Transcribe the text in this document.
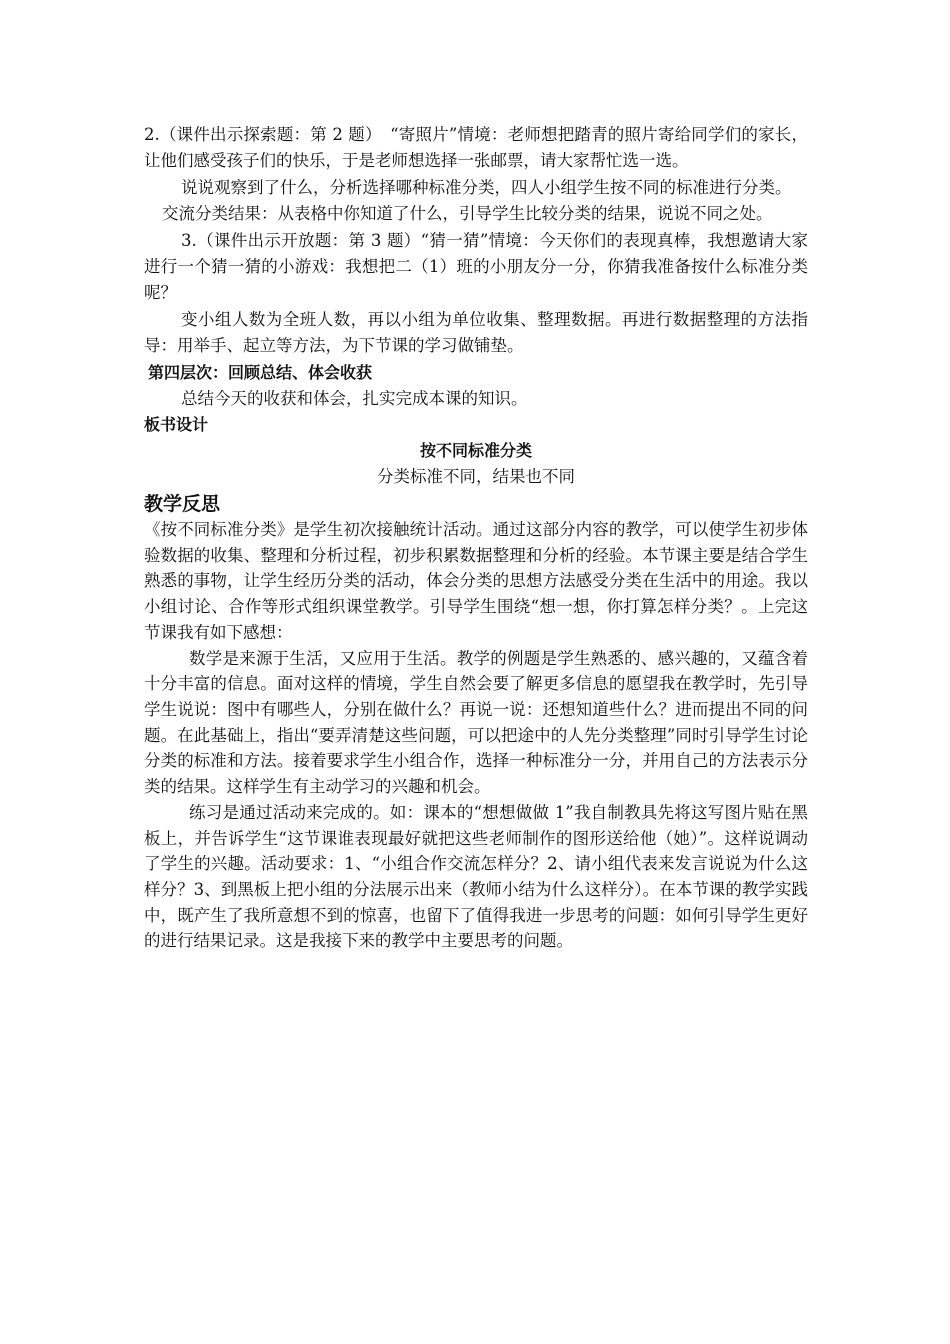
2.（课件出示探索题：第 2 题）　“寄照片”情境：老师想把踏青的照片寄给同学们的家长，让他们感受孩子们的快乐，于是老师想选择一张邮票，请大家帮忙选一选。

说说观察到了什么，分析选择哪种标准分类，四人小组学生按不同的标准进行分类。

交流分类结果：从表格中你知道了什么，引导学生比较分类的结果，说说不同之处。

3.（课件出示开放题：第 3 题）“猜一猜”情境：今天你们的表现真棒，我想邀请大家进行一个猜一猜的小游戏：我想把二（1）班的小朋友分一分，你猜我准备按什么标准分类呢？

变小组人数为全班人数，再以小组为单位收集、整理数据。再进行数据整理的方法指导：用举手、起立等方法，为下节课的学习做铺垫。

第四层次：回顾总结、体会收获

总结今天的收获和体会，扎实完成本课的知识。

板书设计

按不同标准分类

分类标准不同，结果也不同

教学反思

《按不同标准分类》是学生初次接触统计活动。通过这部分内容的教学，可以使学生初步体验数据的收集、整理和分析过程，初步积累数据整理和分析的经验。本节课主要是结合学生熟悉的事物，让学生经历分类的活动，体会分类的思想方法感受分类在生活中的用途。我以小组讨论、合作等形式组织课堂教学。引导学生围绕“想一想，你打算怎样分类？。上完这节课我有如下感想：

数学是来源于生活，又应用于生活。教学的例题是学生熟悉的、感兴趣的，又蕴含着十分丰富的信息。面对这样的情境，学生自然会要了解更多信息的愿望我在教学时，先引导学生说说：图中有哪些人，分别在做什么？再说一说：还想知道些什么？进而提出不同的问题。在此基础上，指出“要弄清楚这些问题，可以把途中的人先分类整理”同时引导学生讨论分类的标准和方法。接着要求学生小组合作，选择一种标准分一分，并用自己的方法表示分类的结果。这样学生有主动学习的兴趣和机会。

练习是通过活动来完成的。如：课本的“想想做做 1”我自制教具先将这写图片贴在黑板上，并告诉学生“这节课谁表现最好就把这些老师制作的图形送给他（她）”。这样说调动了学生的兴趣。活动要求：1、“小组合作交流怎样分？2、请小组代表来发言说说为什么这样分？3、到黑板上把小组的分法展示出来（教师小结为什么这样分）。在本节课的教学实践中，既产生了我所意想不到的惊喜，也留下了值得我进一步思考的问题：如何引导学生更好的进行结果记录。这是我接下来的教学中主要思考的问题。
